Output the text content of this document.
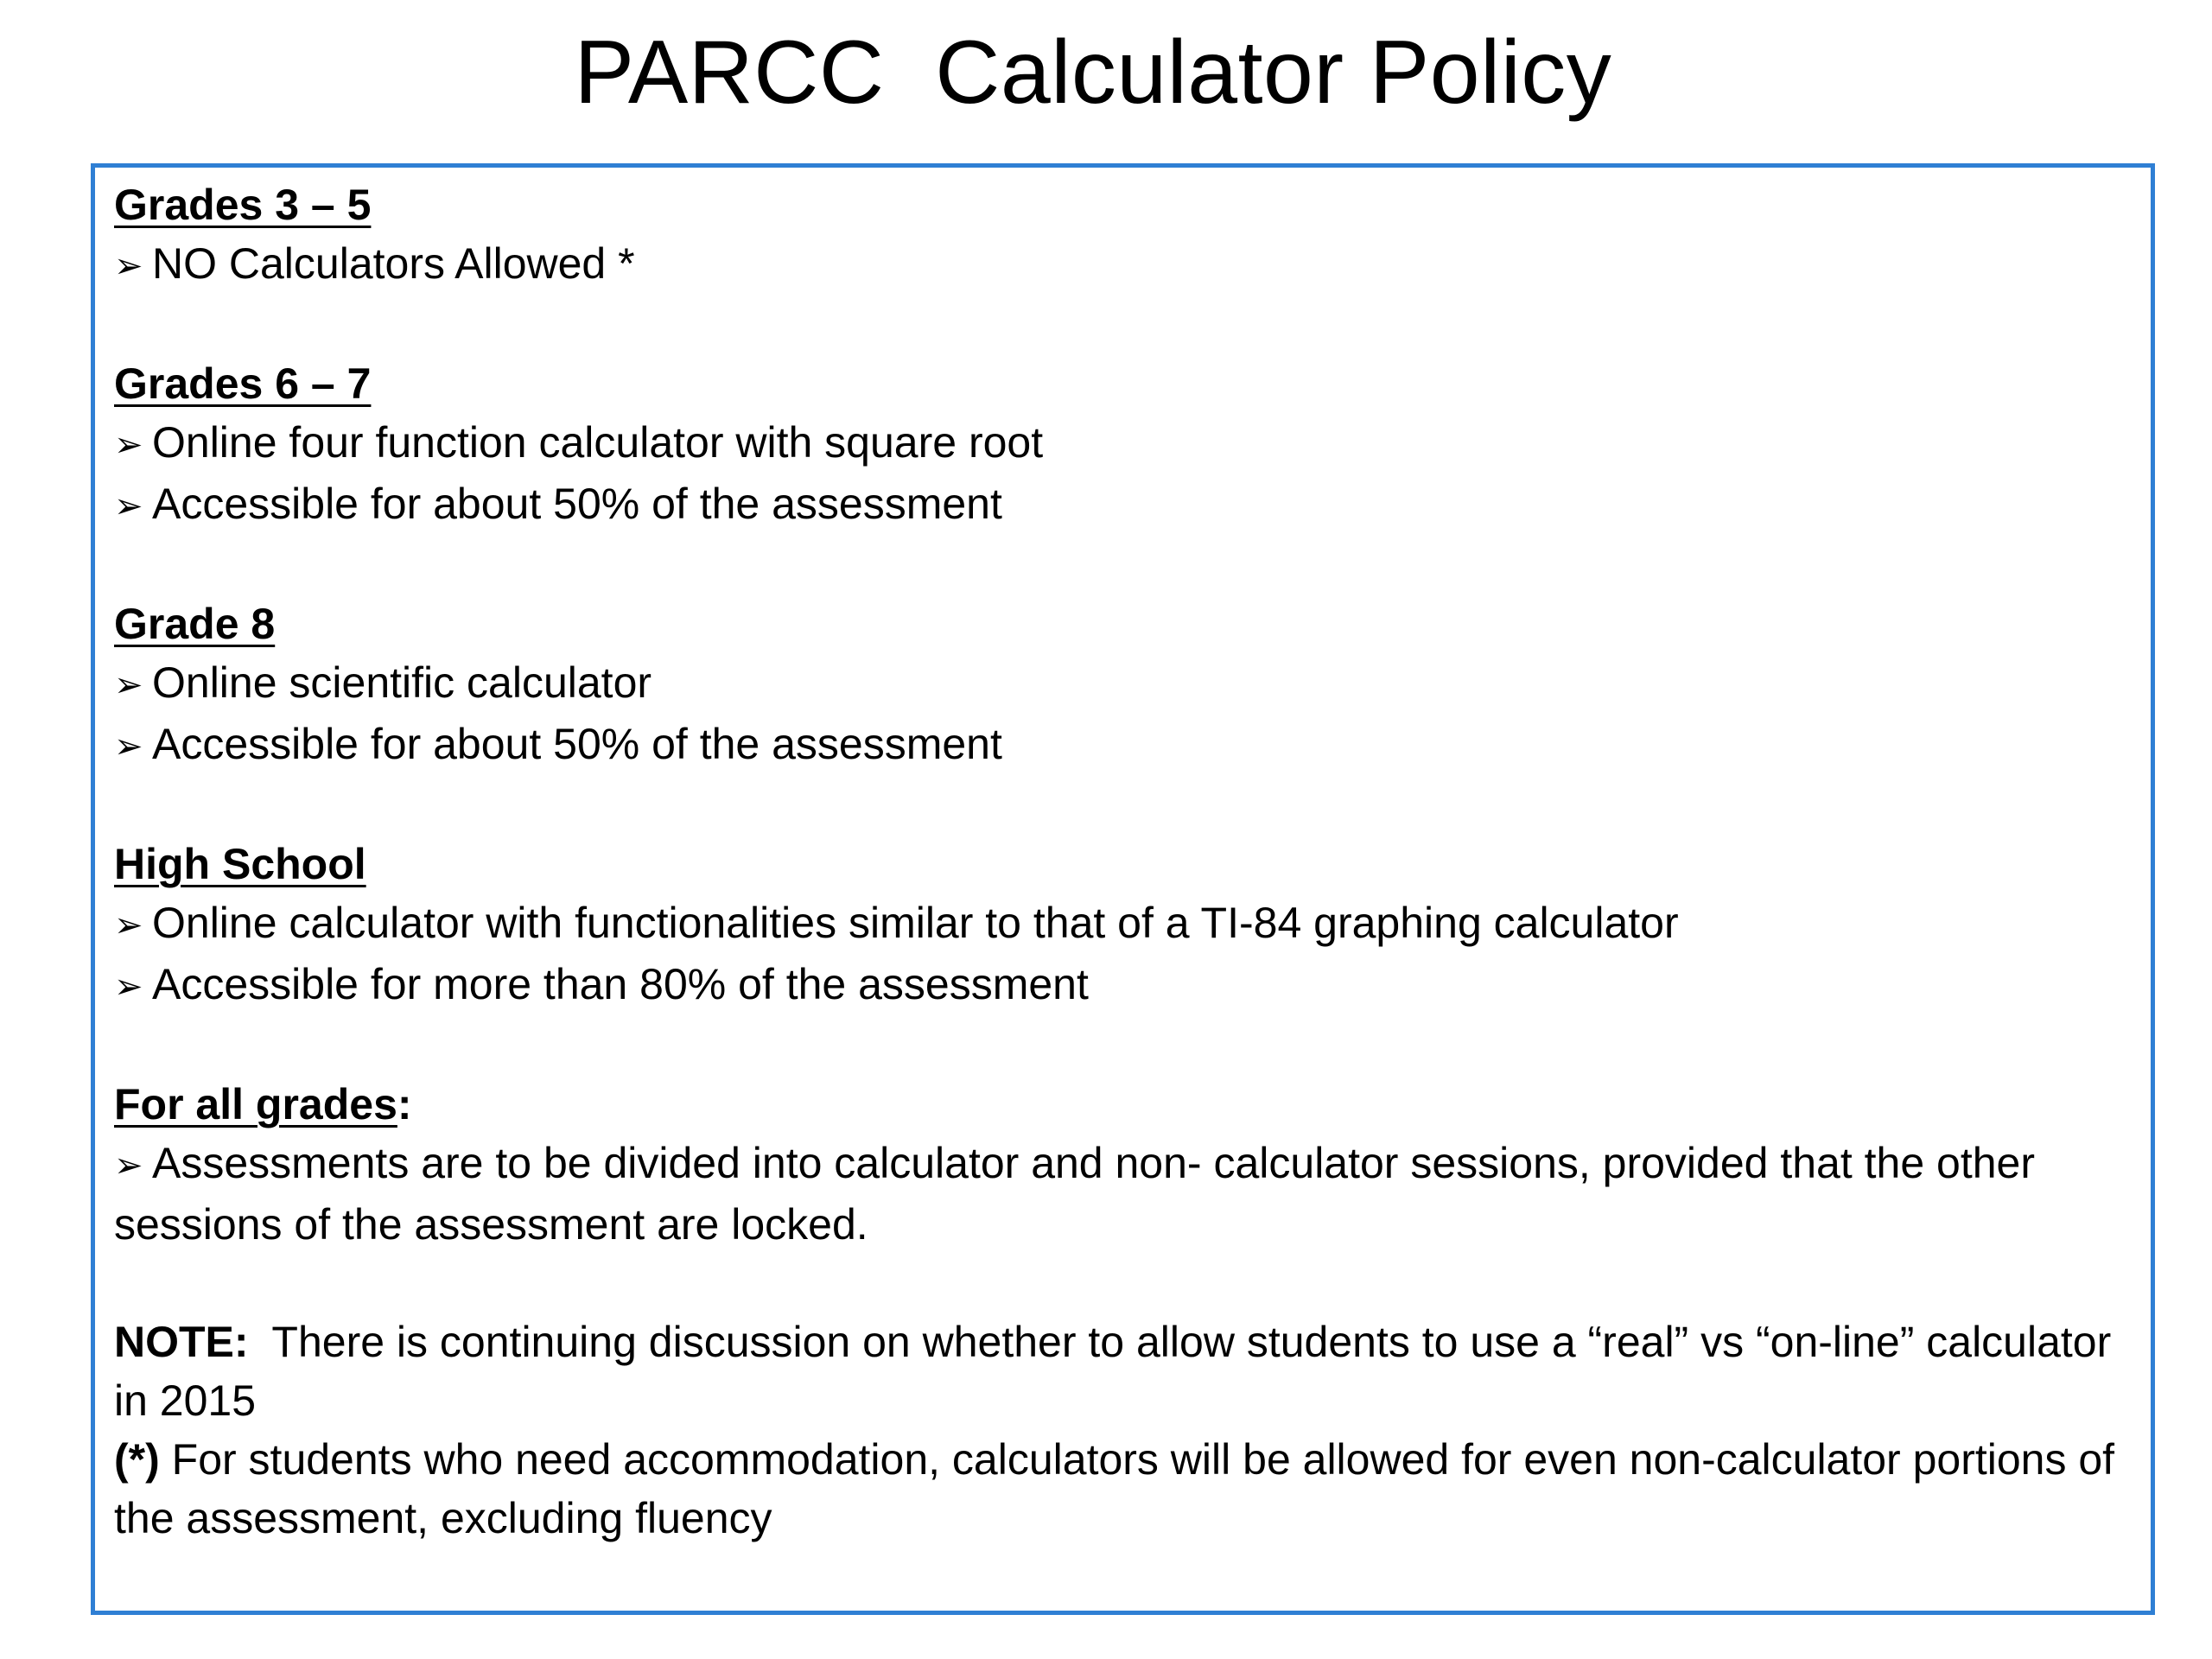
PARCC  Calculator Policy
Grades 3 – 5
➢ NO Calculators Allowed *
Grades 6 – 7
➢ Online four function calculator with square root
➢ Accessible for about 50% of the assessment
Grade 8
➢ Online scientific calculator
➢ Accessible for about 50% of the assessment
High School
➢ Online calculator with functionalities similar to that of a TI-84 graphing calculator
➢ Accessible for more than 80% of the assessment
For all grades:
➢ Assessments are to be divided into calculator and non- calculator sessions, provided that the other sessions of the assessment are locked.
NOTE:  There is continuing discussion on whether to allow students to use a “real” vs “on-line” calculator in 2015
(*) For students who need accommodation, calculators will be allowed for even non-calculator portions of the assessment, excluding fluency
